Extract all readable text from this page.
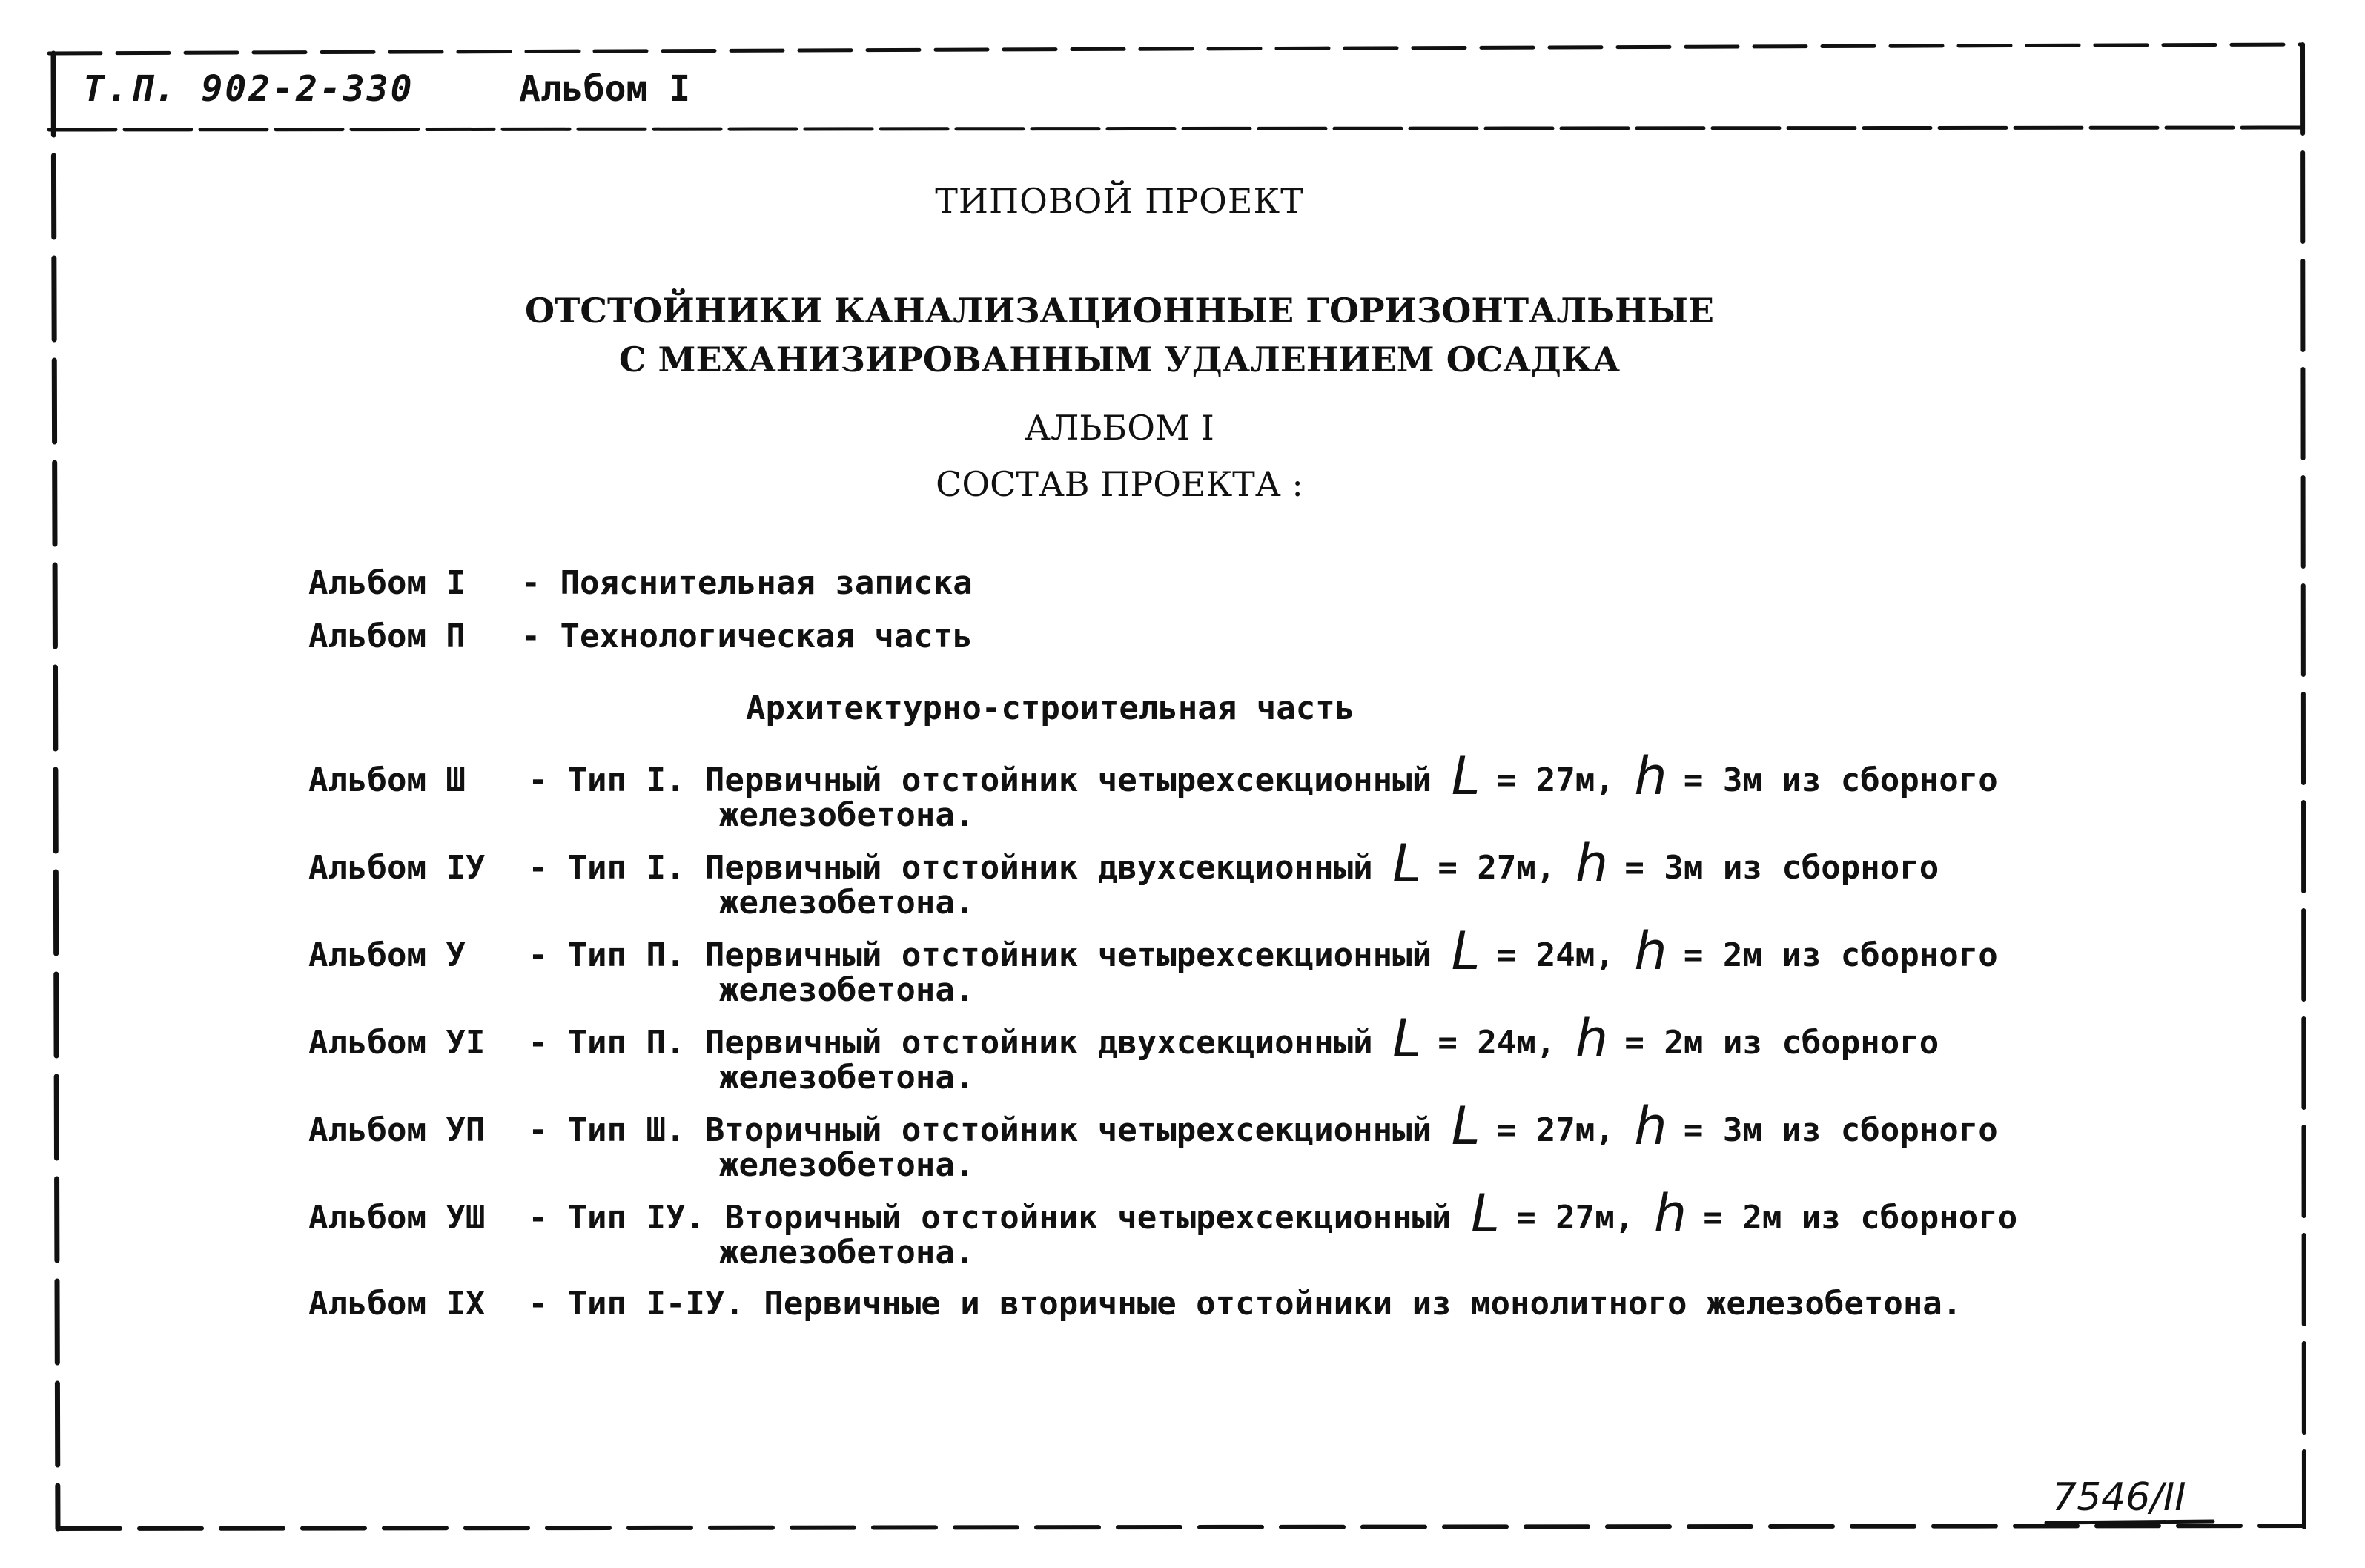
Т.П. 902-2-330	Альбом I
ТИПОВОЙ ПРОЕКТ
ОТСТОЙНИКИ КАНАЛИЗАЦИОННЫЕ ГОРИЗОНТАЛЬНЫЕ
С МЕХАНИЗИРОВАННЫМ УДАЛЕНИЕМ ОСАДКА
АЛЬБОМ I
СОСТАВ ПРОЕКТА :
Альбом I - Пояснительная записка
Альбом П - Технологическая часть
Архитектурно-строительная часть
Альбом Ш - Тип I. Первичный отстойник четырехсекционный L = 27м, h = 3м из сборного
железобетона.
Альбом IУ - Тип I. Первичный отстойник двухсекционный L = 27м, h = 3м из сборного
железобетона.
Альбом У - Тип П. Первичный отстойник четырехсекционный L = 24м, h = 2м из сборного
железобетона.
Альбом УI - Тип П. Первичный отстойник двухсекционный L = 24м, h = 2м из сборного
железобетона.
Альбом УП - Тип Ш. Вторичный отстойник четырехсекционный L = 27м, h = 3м из сборного
железобетона.
Альбом УШ - Тип IУ. Вторичный отстойник четырехсекционный L = 27м, h = 2м из сборного
железобетона.
Альбом IX - Тип I-IУ. Первичные и вторичные отстойники из монолитного железобетона.
7546/II
